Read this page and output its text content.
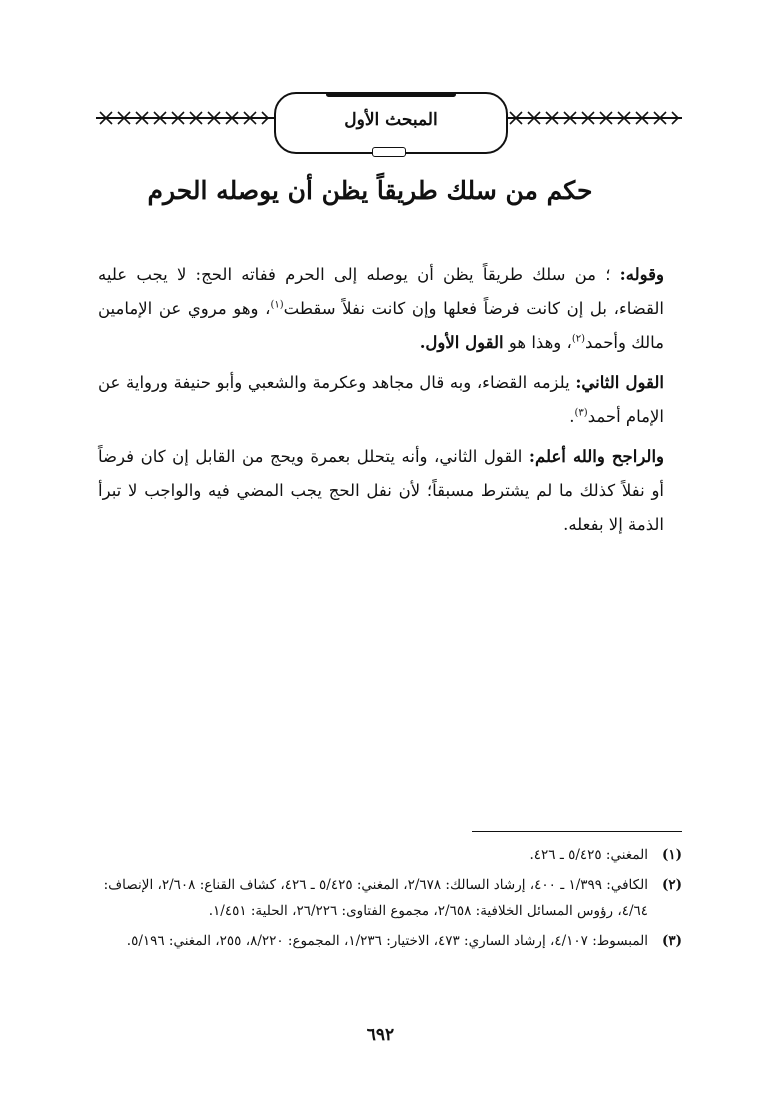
المبحث الأول
حكم من سلك طريقاً يظن أن يوصله الحرم

وقوله: ؛ من سلك طريقاً يظن أن يوصله إلى الحرم ففاته الحج: لا يجب عليه القضاء، بل إن كانت فرضاً فعلها وإن كانت نفلاً سقطت$^{(١)}$، وهو مروي عن الإمامين مالك وأحمد$^{(٢)}$، وهذا هو القول الأول.

القول الثاني: يلزمه القضاء، وبه قال مجاهد وعكرمة والشعبي وأبو حنيفة ورواية عن الإمام أحمد$^{(٣)}$.

والراجح والله أعلم: القول الثاني، وأنه يتحلل بعمرة ويحج من القابل إن كان فرضاً أو نفلاً كذلك ما لم يشترط مسبقاً؛ لأن نفل الحج يجب المضي فيه والواجب لا تبرأ الذمة إلا بفعله.

(١)
المغني: ٥/٤٢٥ ـ ٤٢٦.
(٢)
الكافي: ١/٣٩٩ ـ ٤٠٠، إرشاد السالك: ٢/٦٧٨، المغني: ٥/٤٢٥ ـ ٤٢٦، كشاف القناع: ٢/٦٠٨، الإنصاف: ٤/٦٤، رؤوس المسائل الخلافية: ٢/٦٥٨، مجموع الفتاوى: ٢٦/٢٢٦، الحلية: ١/٤٥١.
(٣)
المبسوط: ٤/١٠٧، إرشاد الساري: ٤٧٣، الاختيار: ١/٢٣٦، المجموع: ٨/٢٢٠، ٢٥٥، المغني: ٥/١٩٦.
٦٩٢
